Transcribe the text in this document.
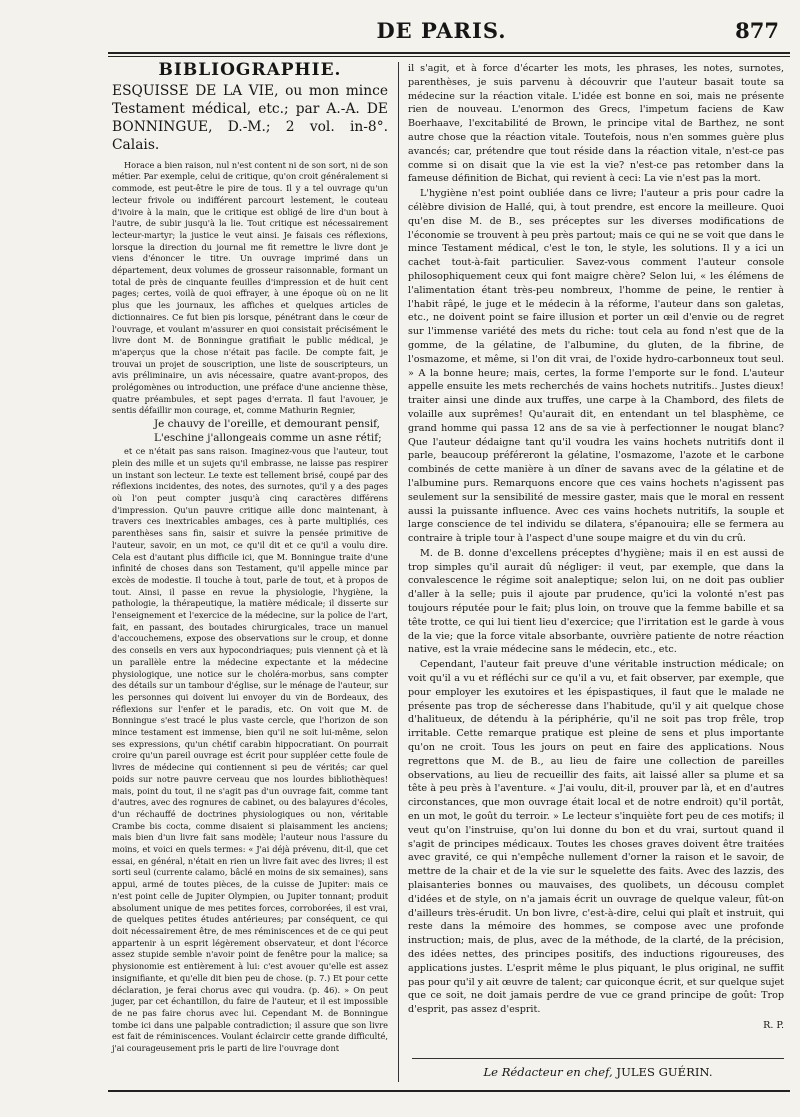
DE PARIS.	877
BIBLIOGRAPHIE.

ESQUISSE DE LA VIE, ou mon mince Testament médical, etc.; par A.-A. DE BONNINGUE, D.-M.; 2 vol. in-8°. Calais.

Horace a bien raison, nul n'est content ni de son sort, ni de son métier. Par exemple, celui de critique, qu'on croit généralement si commode, est peut-être le pire de tous. Il y a tel ouvrage qu'un lecteur frivole ou indifférent parcourt lestement, le couteau d'ivoire à la main, que le critique est obligé de lire d'un bout à l'autre, de subir jusqu'à la lie. Tout critique est nécessairement lecteur-martyr; la justice le veut ainsi. Je faisais ces réflexions, lorsque la direction du journal me fit remettre le livre dont je viens d'énoncer le titre. Un ouvrage imprimé dans un département, deux volumes de grosseur raisonnable, formant un total de près de cinquante feuilles d'impression et de huit cent pages; certes, voilà de quoi effrayer, à une époque où on ne lit plus que les journaux, les affiches et quelques articles de dictionnaires. Ce fut bien pis lorsque, pénétrant dans le cœur de l'ouvrage, et voulant m'assurer en quoi consistait précisément le livre dont M. de Bonningue gratifiait le public médical, je m'aperçus que la chose n'était pas facile. De compte fait, je trouvai un projet de souscription, une liste de souscripteurs, un avis préliminaire, un avis nécessaire, quatre avant-propos, des prolégomènes ou introduction, une préface d'une ancienne thèse, quatre préambules, et sept pages d'errata. Il faut l'avouer, je sentis défaillir mon courage, et, comme Mathurin Regnier,

Je chauvy de l'oreille, et demourant pensif,

L'eschine j'allongeais comme un asne rétif;

et ce n'était pas sans raison. Imaginez-vous que l'auteur, tout plein des mille et un sujets qu'il embrasse, ne laisse pas respirer un instant son lecteur. Le texte est tellement brisé, coupé par des réflexions incidentes, des notes, des surnotes, qu'il y a des pages où l'on peut compter jusqu'à cinq caractères différens d'impression. Qu'un pauvre critique aille donc maintenant, à travers ces inextricables ambages, ces à parte multipliés, ces parenthèses sans fin, saisir et suivre la pensée primitive de l'auteur, savoir, en un mot, ce qu'il dit et ce qu'il a voulu dire. Cela est d'autant plus difficile ici, que M. Bonningue traite d'une infinité de choses dans son Testament, qu'il appelle mince par excès de modestie. Il touche à tout, parle de tout, et à propos de tout. Ainsi, il passe en revue la physiologie, l'hygiène, la pathologie, la thérapeutique, la matière médicale; il disserte sur l'enseignement et l'exercice de la médecine, sur la police de l'art, fait, en passant, des boutades chirurgicales, trace un manuel d'accouchemens, expose des observations sur le croup, et donne des conseils en vers aux hypocondriaques; puis viennent çà et là un parallèle entre la médecine expectante et la médecine physiologique, une notice sur le choléra-morbus, sans compter des détails sur un tambour d'église, sur le ménage de l'auteur, sur les personnes qui doivent lui envoyer du vin de Bordeaux, des réflexions sur l'enfer et le paradis, etc. On voit que M. de Bonningue s'est tracé le plus vaste cercle, que l'horizon de son mince testament est immense, bien qu'il ne soit lui-même, selon ses expressions, qu'un chétif carabin hippocratiant. On pourrait croire qu'un pareil ouvrage est écrit pour suppléer cette foule de livres de médecine qui contiennent si peu de vérités; car quel poids sur notre pauvre cerveau que nos lourdes bibliothèques! mais, point du tout, il ne s'agit pas d'un ouvrage fait, comme tant d'autres, avec des rognures de cabinet, ou des balayures d'écoles, d'un réchauffé de doctrines physiologiques ou non, véritable Crambe bis cocta, comme disaient si plaisamment les anciens; mais bien d'un livre fait sans modèle; l'auteur nous l'assure du moins, et voici en quels termes: « J'ai déjà prévenu, dit-il, que cet essai, en général, n'était en rien un livre fait avec des livres; il est sorti seul (currente calamo, bâclé en moins de six semaines), sans appui, armé de toutes pièces, de la cuisse de Jupiter: mais ce n'est point celle de Jupiter Olympien, ou Jupiter tonnant; produit absolument unique de mes petites forces, corroborées, il est vrai, de quelques petites études antérieures; par conséquent, ce qui doit nécessairement être, de mes réminiscences et de ce qui peut appartenir à un esprit légèrement observateur, et dont l'écorce assez stupide semble n'avoir point de fenêtre pour la malice; sa physionomie est entièrement à lui: c'est avouer qu'elle est assez insignifiante, et qu'elle dit bien peu de chose. (p. 7.) Et pour cette déclaration, je ferai chorus avec qui voudra. (p. 46). » On peut juger, par cet échantillon, du faire de l'auteur, et il est impossible de ne pas faire chorus avec lui. Cependant M. de Bonningue tombe ici dans une palpable contradiction; il assure que son livre est fait de réminiscences. Voulant éclaircir cette grande difficulté, j'ai courageusement pris le parti de lire l'ouvrage dont

il s'agit, et à force d'écarter les mots, les phrases, les notes, surnotes, parenthèses, je suis parvenu à découvrir que l'auteur basait toute sa médecine sur la réaction vitale. L'idée est bonne en soi, mais ne présente rien de nouveau. L'enormon des Grecs, l'impetum faciens de Kaw Boerhaave, l'excitabilité de Brown, le principe vital de Barthez, ne sont autre chose que la réaction vitale. Toutefois, nous n'en sommes guère plus avancés; car, prétendre que tout réside dans la réaction vitale, n'est-ce pas comme si on disait que la vie est la vie? n'est-ce pas retomber dans la fameuse définition de Bichat, qui revient à ceci: La vie n'est pas la mort.

L'hygiène n'est point oubliée dans ce livre; l'auteur a pris pour cadre la célèbre division de Hallé, qui, à tout prendre, est encore la meilleure. Quoi qu'en dise M. de B., ses préceptes sur les diverses modifications de l'économie se trouvent à peu près partout; mais ce qui ne se voit que dans le mince Testament médical, c'est le ton, le style, les solutions. Il y a ici un cachet tout-à-fait particulier. Savez-vous comment l'auteur console philosophiquement ceux qui font maigre chère? Selon lui, « les élémens de l'alimentation étant très-peu nombreux, l'homme de peine, le rentier à l'habit râpé, le juge et le médecin à la réforme, l'auteur dans son galetas, etc., ne doivent point se faire illusion et porter un œil d'envie ou de regret sur l'immense variété des mets du riche: tout cela au fond n'est que de la gomme, de la gélatine, de l'albumine, du gluten, de la fibrine, de l'osmazome, et même, si l'on dit vrai, de l'oxide hydro-carbonneux tout seul. » A la bonne heure; mais, certes, la forme l'emporte sur le fond. L'auteur appelle ensuite les mets recherchés de vains hochets nutritifs.. Justes dieux! traiter ainsi une dinde aux truffes, une carpe à la Chambord, des filets de volaille aux suprêmes! Qu'aurait dit, en entendant un tel blasphème, ce grand homme qui passa 12 ans de sa vie à perfectionner le nougat blanc? Que l'auteur dédaigne tant qu'il voudra les vains hochets nutritifs dont il parle, beaucoup préféreront la gélatine, l'osmazome, l'azote et le carbone combinés de cette manière à un dîner de savans avec de la gélatine et de l'albumine purs. Remarquons encore que ces vains hochets n'agissent pas seulement sur la sensibilité de messire gaster, mais que le moral en ressent aussi la puissante influence. Avec ces vains hochets nutritifs, la souple et large conscience de tel individu se dilatera, s'épanouira; elle se fermera au contraire à triple tour à l'aspect d'une soupe maigre et du vin du crû.

M. de B. donne d'excellens préceptes d'hygiène; mais il en est aussi de trop simples qu'il aurait dû négliger: il veut, par exemple, que dans la convalescence le régime soit analeptique; selon lui, on ne doit pas oublier d'aller à la selle; puis il ajoute par prudence, qu'ici la volonté n'est pas toujours réputée pour le fait; plus loin, on trouve que la femme babille et sa tête trotte, ce qui lui tient lieu d'exercice; que l'irritation est le garde à vous de la vie; que la force vitale absorbante, ouvrière patiente de notre réaction native, est la vraie médecine sans le médecin, etc., etc.

Cependant, l'auteur fait preuve d'une véritable instruction médicale; on voit qu'il a vu et réfléchi sur ce qu'il a vu, et fait observer, par exemple, que pour employer les exutoires et les épispastiques, il faut que le malade ne présente pas trop de sécheresse dans l'habitude, qu'il y ait quelque chose d'halitueux, de détendu à la périphérie, qu'il ne soit pas trop frêle, trop irritable. Cette remarque pratique est pleine de sens et plus importante qu'on ne croit. Tous les jours on peut en faire des applications. Nous regrettons que M. de B., au lieu de faire une collection de pareilles observations, au lieu de recueillir des faits, ait laissé aller sa plume et sa tête à peu près à l'aventure. « J'ai voulu, dit-il, prouver par là, et en d'autres circonstances, que mon ouvrage était local et de notre endroit) qu'il portât, en un mot, le goût du terroir. » Le lecteur s'inquiète fort peu de ces motifs; il veut qu'on l'instruise, qu'on lui donne du bon et du vrai, surtout quand il s'agit de principes médicaux. Toutes les choses graves doivent être traitées avec gravité, ce qui n'empêche nullement d'orner la raison et le savoir, de mettre de la chair et de la vie sur le squelette des faits. Avec des lazzis, des plaisanteries bonnes ou mauvaises, des quolibets, un décousu complet d'idées et de style, on n'a jamais écrit un ouvrage de quelque valeur, fût-on d'ailleurs très-érudit. Un bon livre, c'est-à-dire, celui qui plaît et instruit, qui reste dans la mémoire des hommes, se compose avec une profonde instruction; mais, de plus, avec de la méthode, de la clarté, de la précision, des idées nettes, des principes positifs, des inductions rigoureuses, des applications justes. L'esprit même le plus piquant, le plus original, ne suffit pas pour qu'il y ait œuvre de talent; car quiconque écrit, et sur quelque sujet que ce soit, ne doit jamais perdre de vue ce grand principe de goût: Trop d'esprit, pas assez d'esprit.

R. P.
Le Rédacteur en chef, JULES GUÉRIN.
